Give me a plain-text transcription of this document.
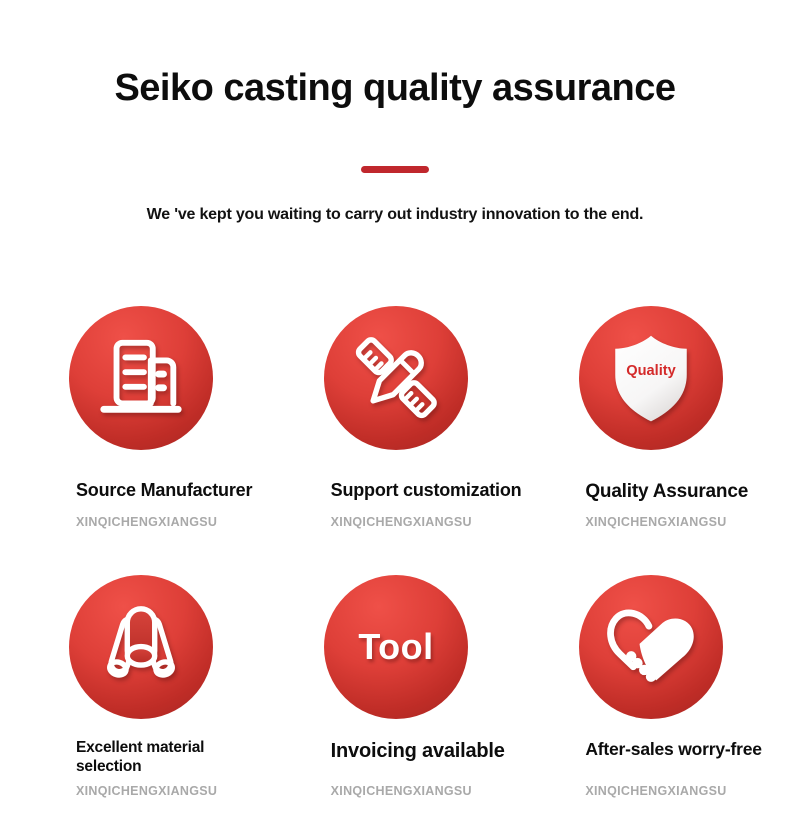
Seiko casting quality assurance

We 've kept you waiting to carry out industry innovation to the end.

Source Manufacturer
XINQICHENGXIANGSU
Support customization
XINQICHENGXIANGSU
Quality
Quality Assurance
XINQICHENGXIANGSU
Excellent material selection
XINQICHENGXIANGSU
Tool
Invoicing available
XINQICHENGXIANGSU
After-sales worry-free
XINQICHENGXIANGSU
